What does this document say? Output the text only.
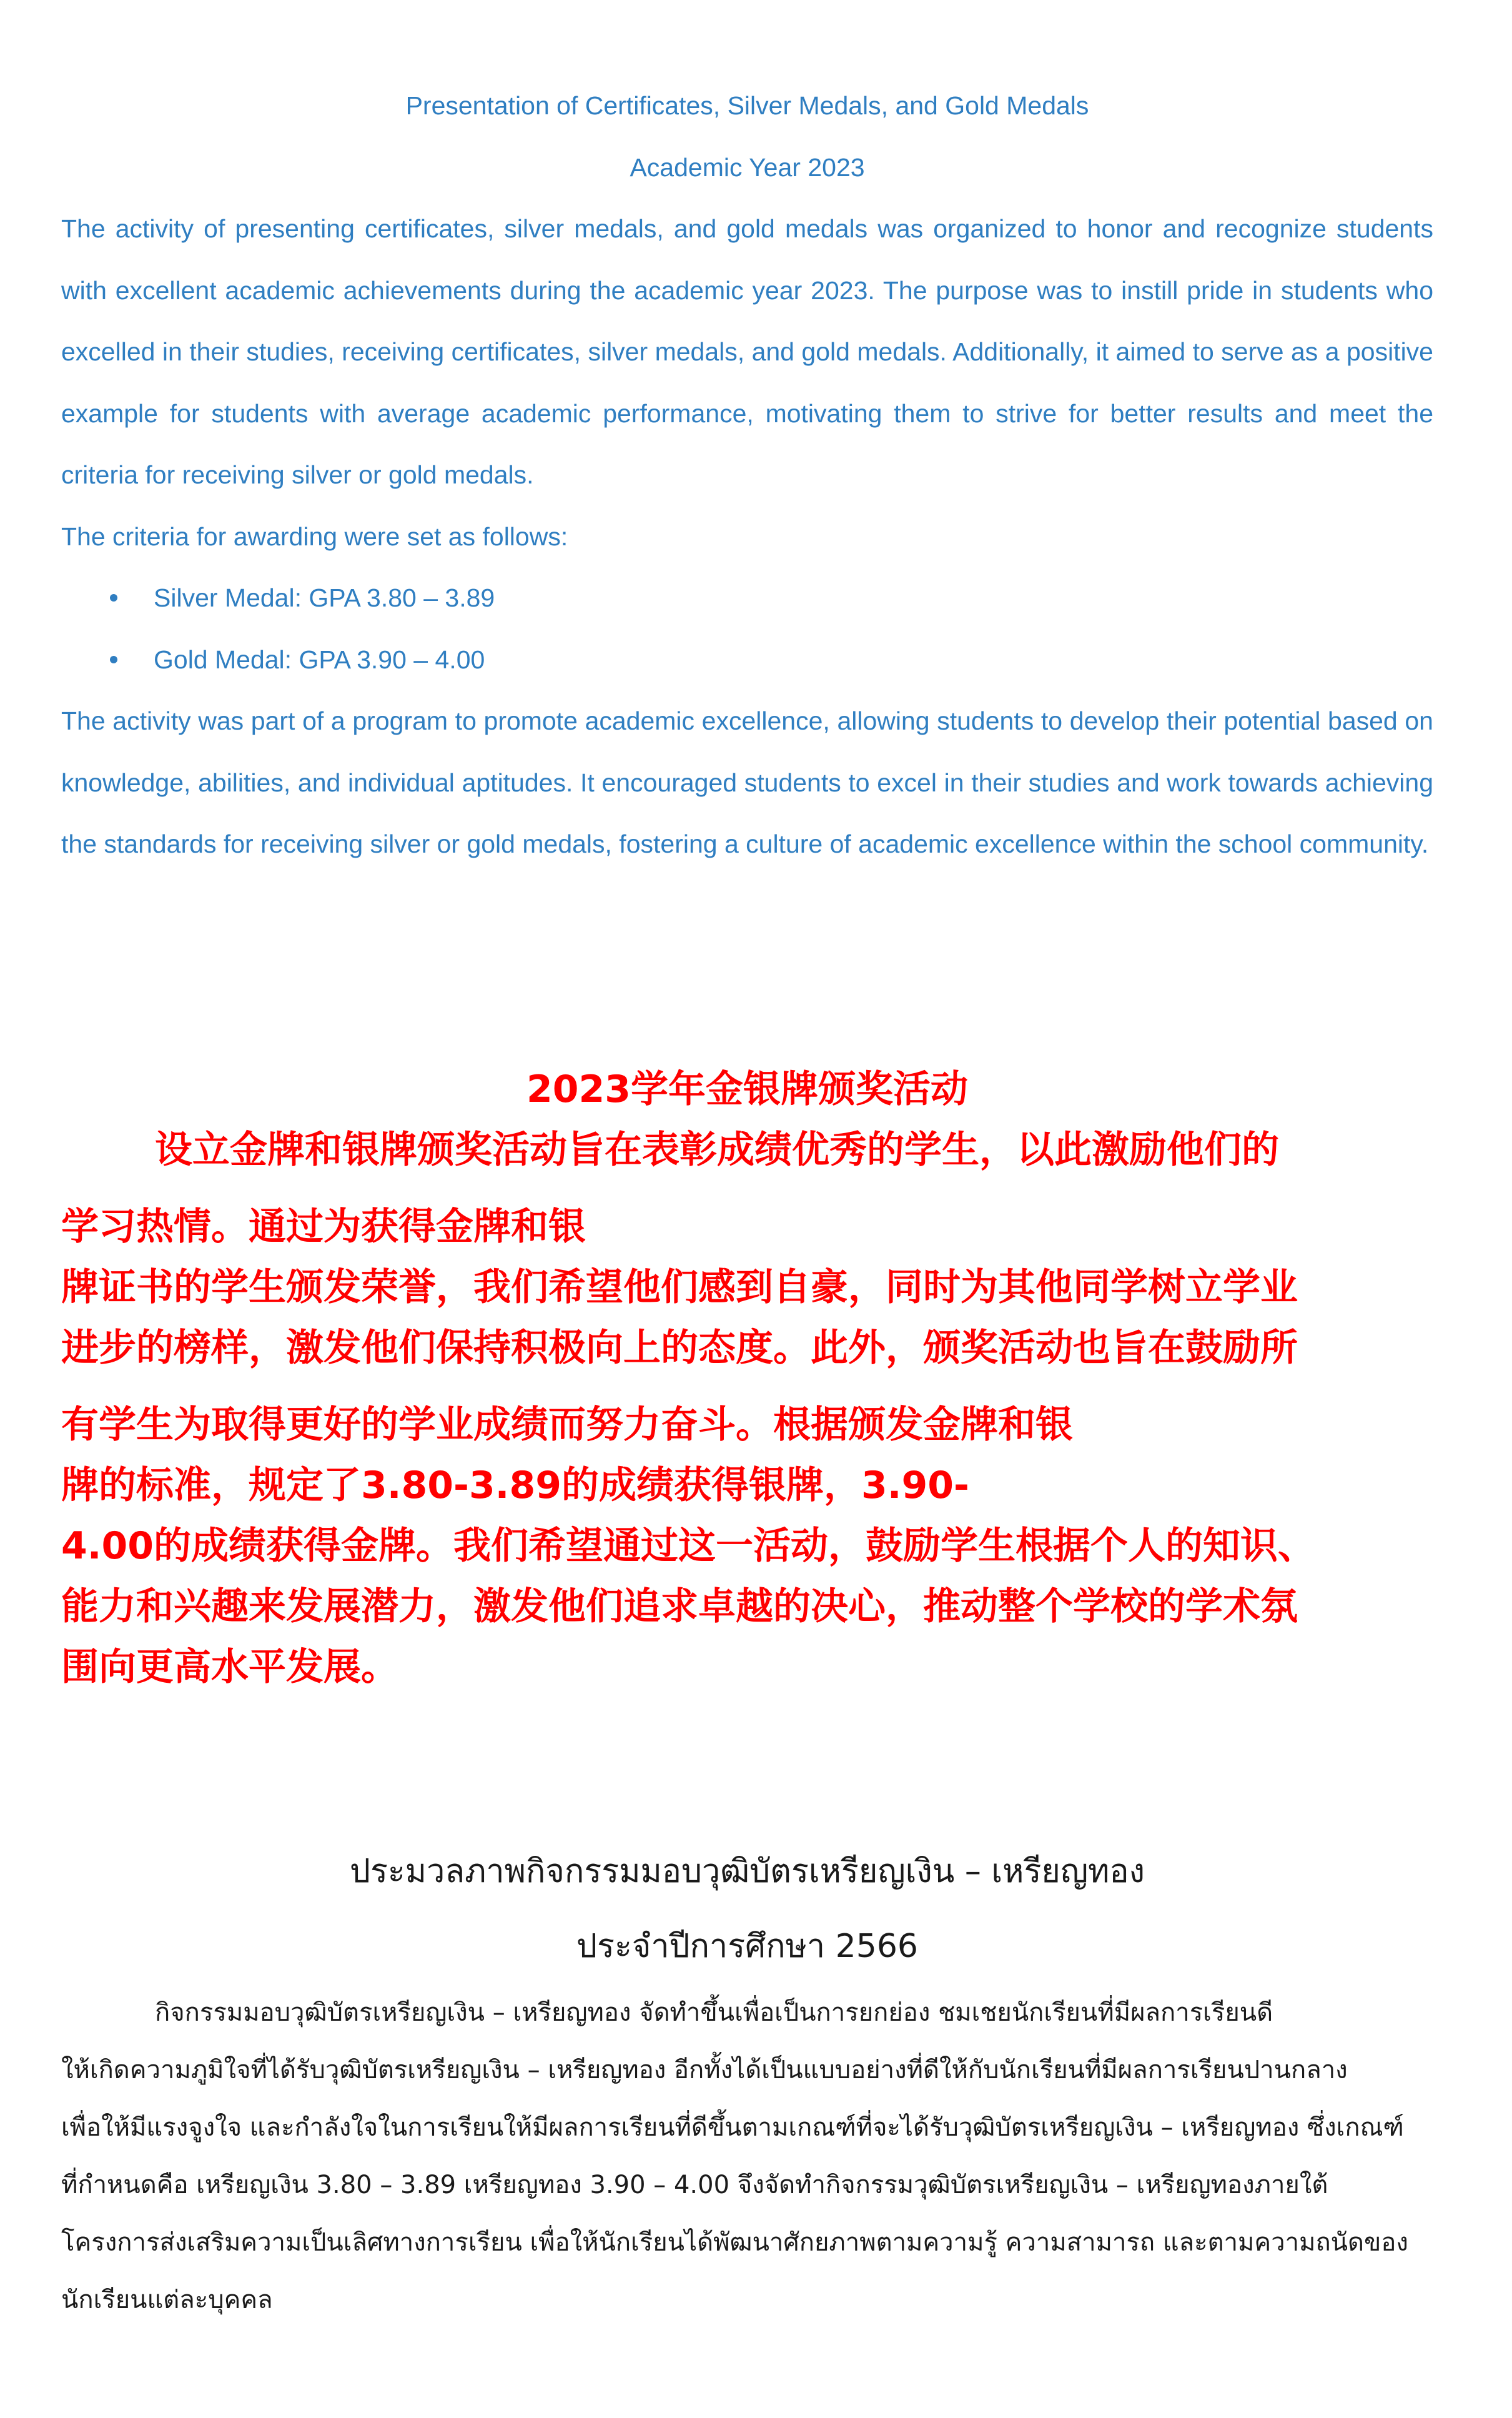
Presentation of Certificates, Silver Medals, and Gold Medals
Academic Year 2023

The activity of presenting certificates, silver medals, and gold medals was organized to honor and recognize students with excellent academic achievements during the academic year 2023. The purpose was to instill pride in students who excelled in their studies, receiving certificates, silver medals, and gold medals. Additionally, it aimed to serve as a positive example for students with average academic performance, motivating them to strive for better results and meet the criteria for receiving silver or gold medals.

The criteria for awarding were set as follows:

Silver Medal: GPA 3.80 – 3.89
Gold Medal: GPA 3.90 – 4.00

The activity was part of a program to promote academic excellence, allowing students to develop their potential based on knowledge, abilities, and individual aptitudes. It encouraged students to excel in their studies and work towards achieving the standards for receiving silver or gold medals, fostering a culture of academic excellence within the school community.

2023学年金银牌颁奖活动
设立金牌和银牌颁奖活动旨在表彰成绩优秀的学生，以此激励他们的
学习热情。通过为获得金牌和银
牌证书的学生颁发荣誉，我们希望他们感到自豪，同时为其他同学树立学业
进步的榜样，激发他们保持积极向上的态度。此外，颁奖活动也旨在鼓励所
有学生为取得更好的学业成绩而努力奋斗。根据颁发金牌和银
牌的标准，规定了3.80-3.89的成绩获得银牌，3.90-
4.00的成绩获得金牌。我们希望通过这一活动，鼓励学生根据个人的知识、
能力和兴趣来发展潜力，激发他们追求卓越的决心，推动整个学校的学术氛
围向更高水平发展。
ประมวลภาพกิจกรรมมอบวุฒิบัตรเหรียญเงิน – เหรียญทอง
ประจำปีการศึกษา 2566
กิจกรรมมอบวุฒิบัตรเหรียญเงิน – เหรียญทอง จัดทำขึ้นเพื่อเป็นการยกย่อง ชมเชยนักเรียนที่มีผลการเรียนดี
ให้เกิดความภูมิใจที่ได้รับวุฒิบัตรเหรียญเงิน – เหรียญทอง อีกทั้งได้เป็นแบบอย่างที่ดีให้กับนักเรียนที่มีผลการเรียนปานกลาง
เพื่อให้มีแรงจูงใจ และกำลังใจในการเรียนให้มีผลการเรียนที่ดีขึ้นตามเกณฑ์ที่จะได้รับวุฒิบัตรเหรียญเงิน – เหรียญทอง ซึ่งเกณฑ์
ที่กำหนดคือ เหรียญเงิน 3.80 – 3.89 เหรียญทอง 3.90 – 4.00 จึงจัดทำกิจกรรมวุฒิบัตรเหรียญเงิน – เหรียญทองภายใต้
โครงการส่งเสริมความเป็นเลิศทางการเรียน เพื่อให้นักเรียนได้พัฒนาศักยภาพตามความรู้ ความสามารถ และตามความถนัดของ
นักเรียนแต่ละบุคคล
